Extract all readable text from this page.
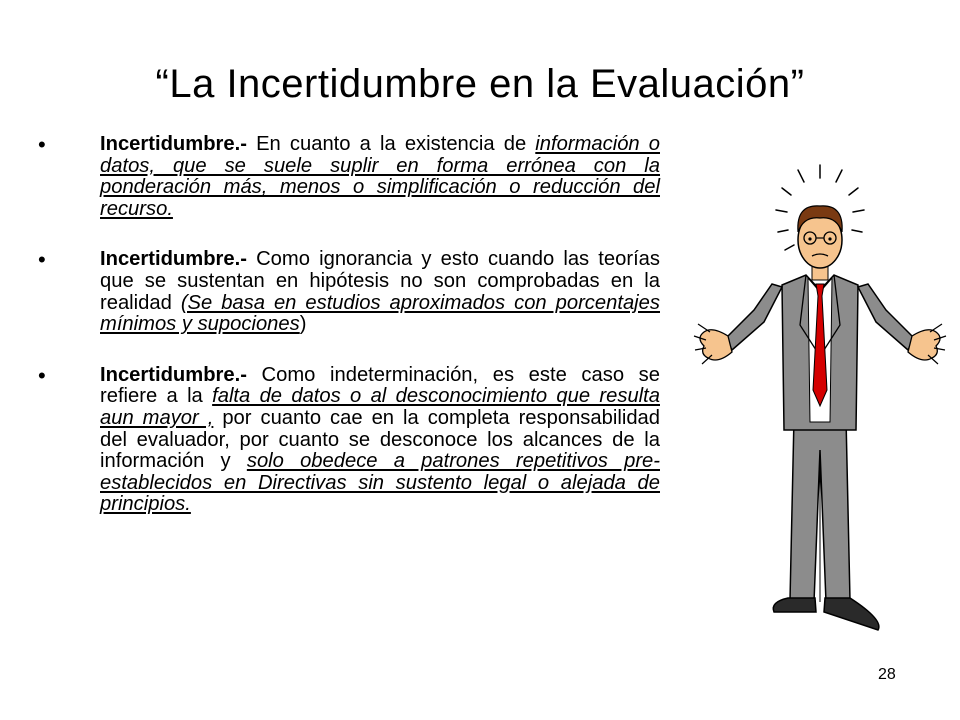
“La Incertidumbre en la Evaluación”
•	Incertidumbre.- En cuanto a la existencia de información o datos, que se suele suplir en forma errónea con la ponderación más, menos o simplificación o reducción del recurso.
•	Incertidumbre.- Como ignorancia y esto cuando las teorías que se sustentan en hipótesis no son comprobadas en la realidad (Se basa en estudios aproximados con porcentajes mínimos y supociones)
•	Incertidumbre.- Como indeterminación, es este caso se refiere a la falta de datos o al desconocimiento que resulta aun mayor , por cuanto cae en la completa responsabilidad del evaluador, por cuanto se desconoce los alcances de la información y solo obedece a patrones repetitivos pre- establecidos en Directivas sin sustento legal o alejada de principios.
28
